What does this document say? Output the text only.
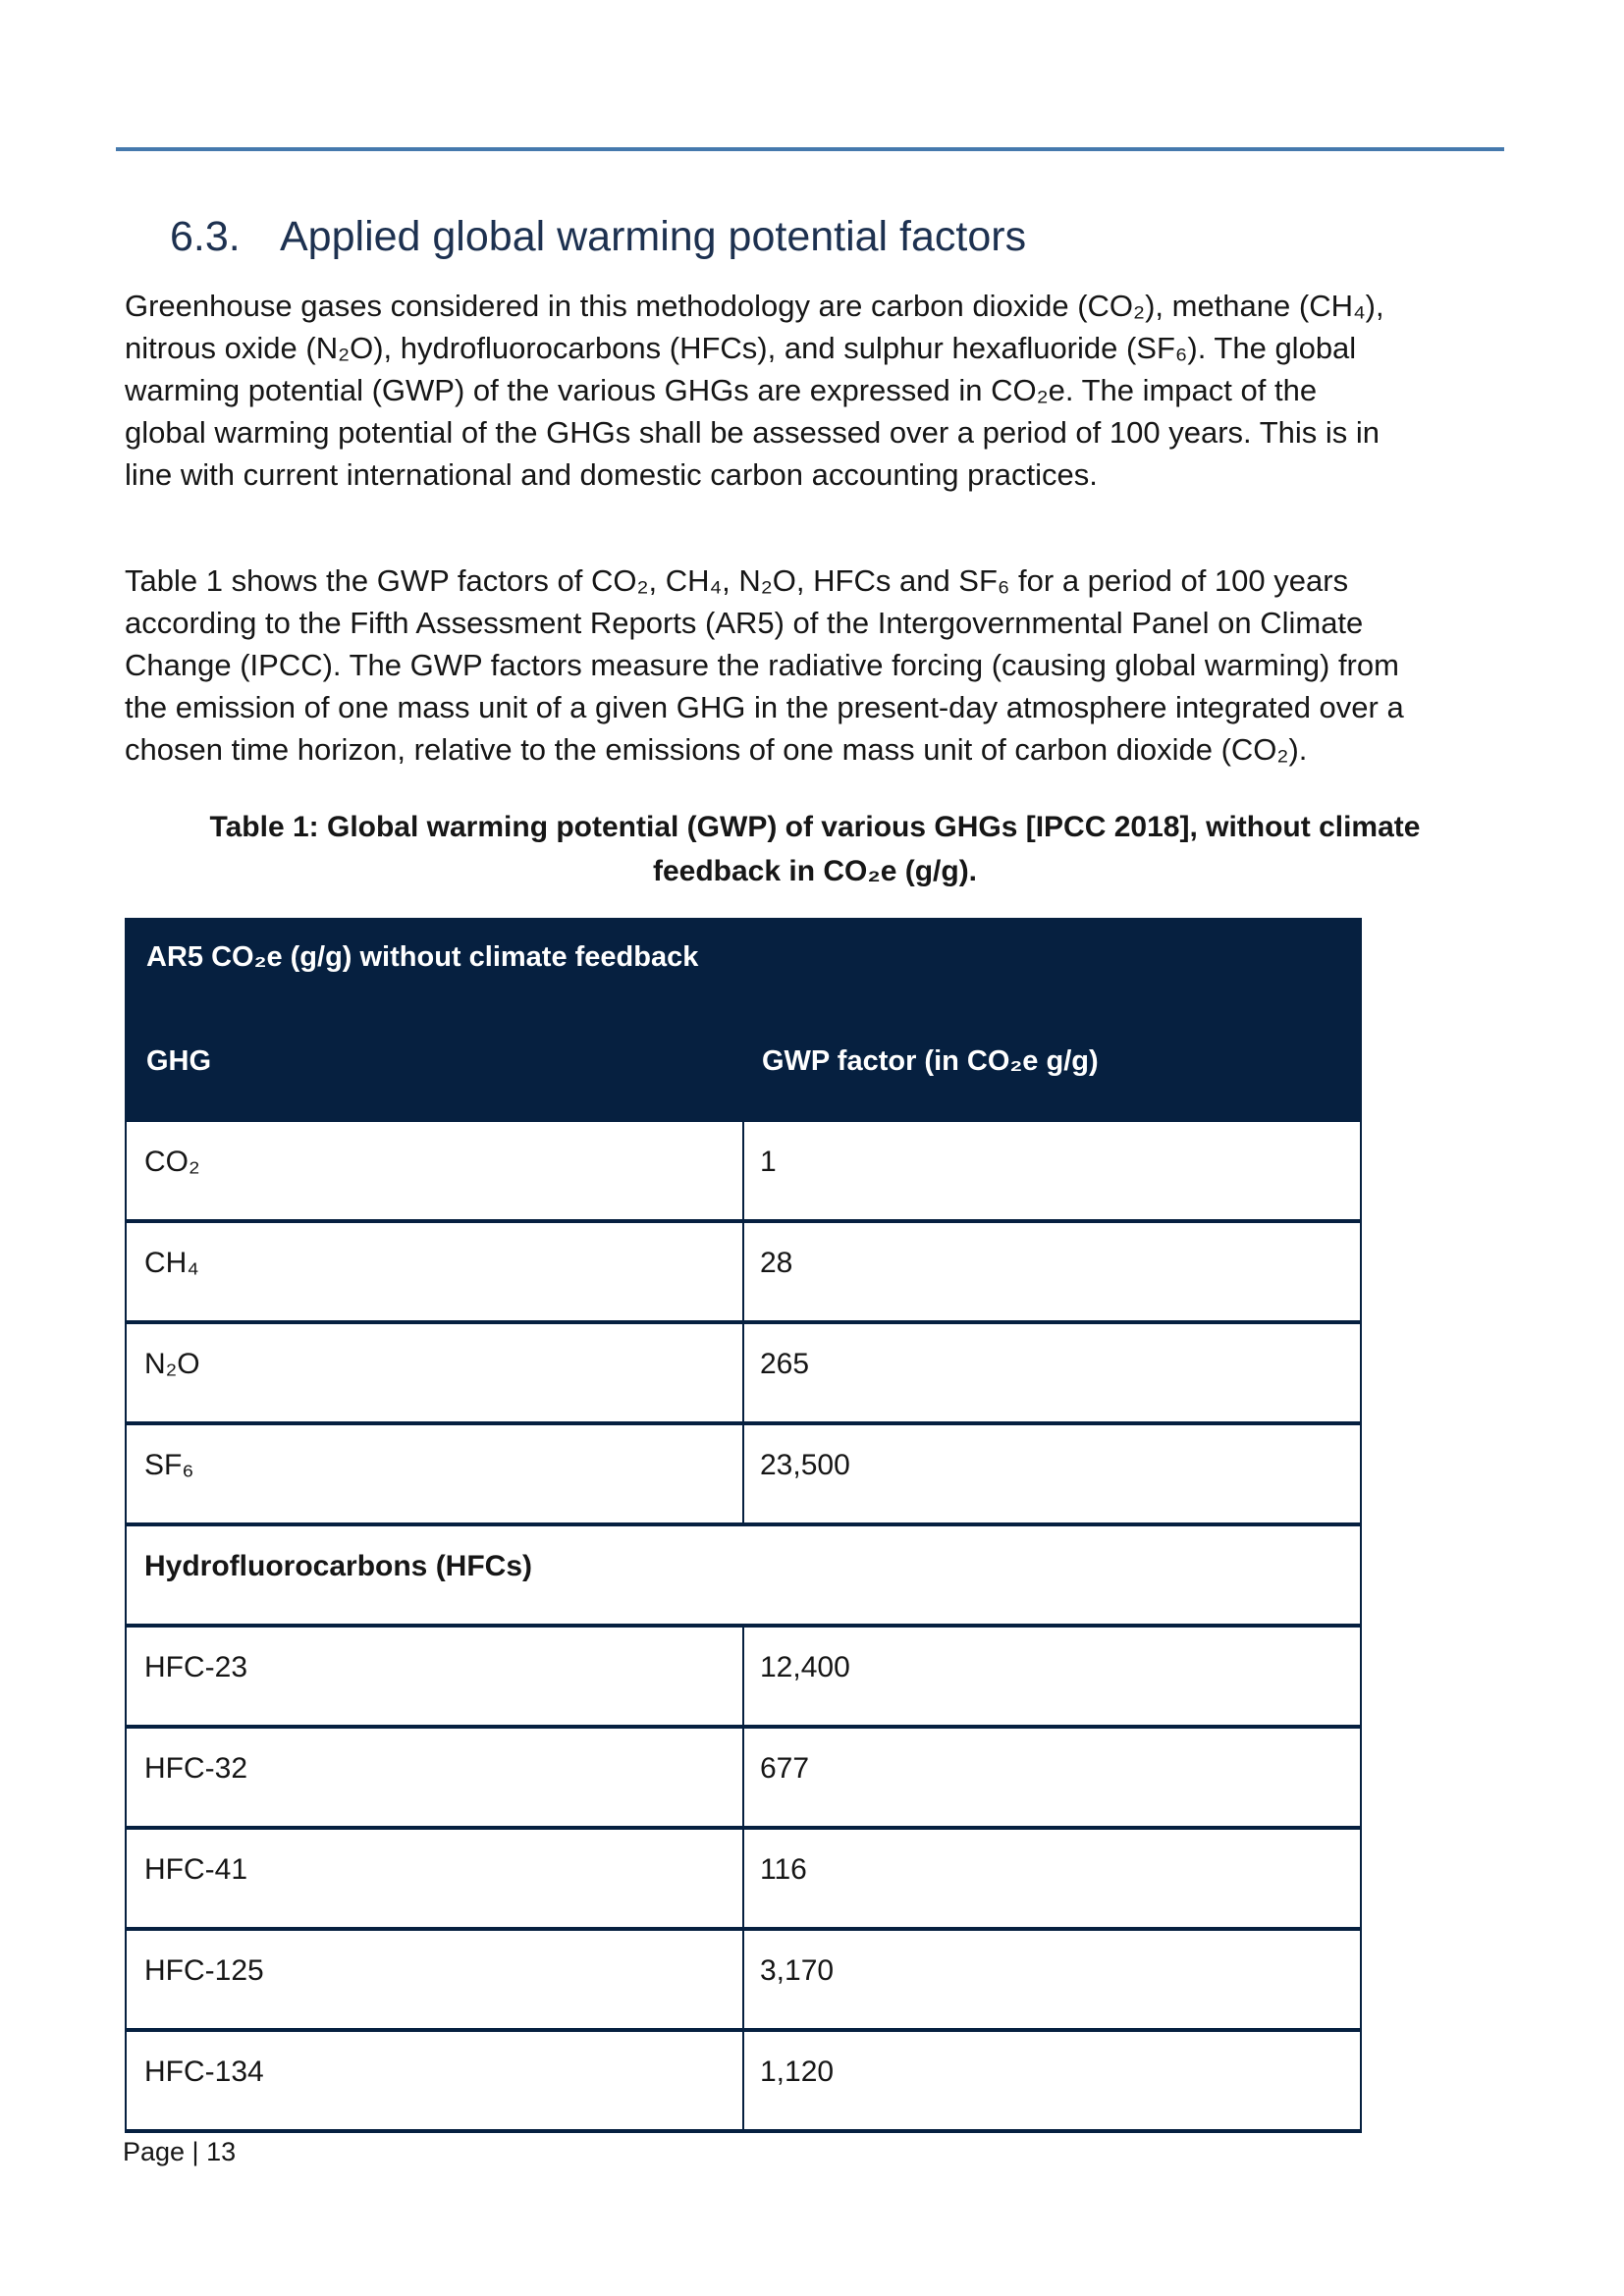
6.3. Applied global warming potential factors
Greenhouse gases considered in this methodology are carbon dioxide (CO₂), methane (CH₄),
nitrous oxide (N₂O), hydrofluorocarbons (HFCs), and sulphur hexafluoride (SF₆). The global
warming potential (GWP) of the various GHGs are expressed in CO₂e. The impact of the
global warming potential of the GHGs shall be assessed over a period of 100 years. This is in
line with current international and domestic carbon accounting practices.
Table 1 shows the GWP factors of CO₂, CH₄, N₂O, HFCs and SF₆ for a period of 100 years
according to the Fifth Assessment Reports (AR5) of the Intergovernmental Panel on Climate
Change (IPCC). The GWP factors measure the radiative forcing (causing global warming) from
the emission of one mass unit of a given GHG in the present-day atmosphere integrated over a
chosen time horizon, relative to the emissions of one mass unit of carbon dioxide (CO₂).
Table 1: Global warming potential (GWP) of various GHGs [IPCC 2018], without climate
feedback in CO₂e (g/g).
AR5 CO₂e (g/g) without climate feedback
GHG	GWP factor (in CO₂e g/g)
CO₂	1
CH₄	28
N₂O	265
SF₆	23,500
Hydrofluorocarbons (HFCs)
HFC-23	12,400
HFC-32	677
HFC-41	116
HFC-125	3,170
HFC-134	1,120
Page | 13
